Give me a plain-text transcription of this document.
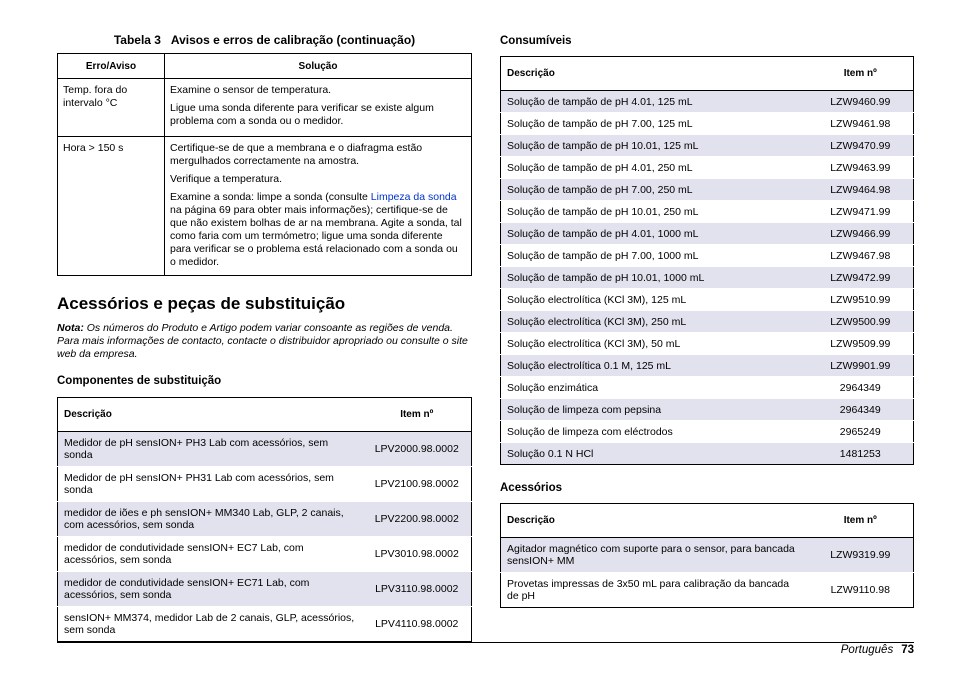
Tabela 3 Avisos e erros de calibração (continuação)
Erro/Aviso	Solução
Temp. fora do intervalo °C	Examine o sensor de temperatura.

Ligue uma sonda diferente para verificar se existe algum problema com a sonda ou o medidor.

Hora > 150 s	Certifique-se de que a membrana e o diafragma estão mergulhados correctamente na amostra.

Verifique a temperatura.

Examine a sonda: limpe a sonda (consulte Limpeza da sonda na página 69 para obter mais informações); certifique-se de que não existem bolhas de ar na membrana. Agite a sonda, tal como faria com um termómetro; ligue uma sonda diferente para verificar se o problema está relacionado com a sonda ou o medidor.

Acessórios e peças de substituição

Nota: Os números do Produto e Artigo podem variar consoante as regiões de venda. Para mais informações de contacto, contacte o distribuidor apropriado ou consulte o site web da empresa.

Componentes de substituição
Descrição	Item nº
Medidor de pH sensION+ PH3 Lab com acessórios, sem sonda	LPV2000.98.0002
Medidor de pH sensION+ PH31 Lab com acessórios, sem sonda	LPV2100.98.0002
medidor de iões e ph sensION+ MM340 Lab, GLP, 2 canais, com acessórios, sem sonda	LPV2200.98.0002
medidor de condutividade sensION+ EC7 Lab, com acessórios, sem sonda	LPV3010.98.0002
medidor de condutividade sensION+ EC71 Lab, com acessórios, sem sonda	LPV3110.98.0002
sensION+ MM374, medidor Lab de 2 canais, GLP, acessórios, sem sonda	LPV4110.98.0002
Consumíveis
Descrição	Item nº
Solução de tampão de pH 4.01, 125 mL	LZW9460.99
Solução de tampão de pH 7.00, 125 mL	LZW9461.98
Solução de tampão de pH 10.01, 125 mL	LZW9470.99
Solução de tampão de pH 4.01, 250 mL	LZW9463.99
Solução de tampão de pH 7.00, 250 mL	LZW9464.98
Solução de tampão de pH 10.01, 250 mL	LZW9471.99
Solução de tampão de pH 4.01, 1000 mL	LZW9466.99
Solução de tampão de pH 7.00, 1000 mL	LZW9467.98
Solução de tampão de pH 10.01, 1000 mL	LZW9472.99
Solução electrolítica (KCl 3M), 125 mL	LZW9510.99
Solução electrolítica (KCl 3M), 250 mL	LZW9500.99
Solução electrolítica (KCl 3M), 50 mL	LZW9509.99
Solução electrolítica 0.1 M, 125 mL	LZW9901.99
Solução enzimática	2964349
Solução de limpeza com pepsina	2964349
Solução de limpeza com eléctrodos	2965249
Solução 0.1 N HCl	1481253
Acessórios
Descrição	Item nº
Agitador magnético com suporte para o sensor, para bancada sensION+ MM	LZW9319.99
Provetas impressas de 3x50 mL para calibração da bancada de pH	LZW9110.98
Português 73
